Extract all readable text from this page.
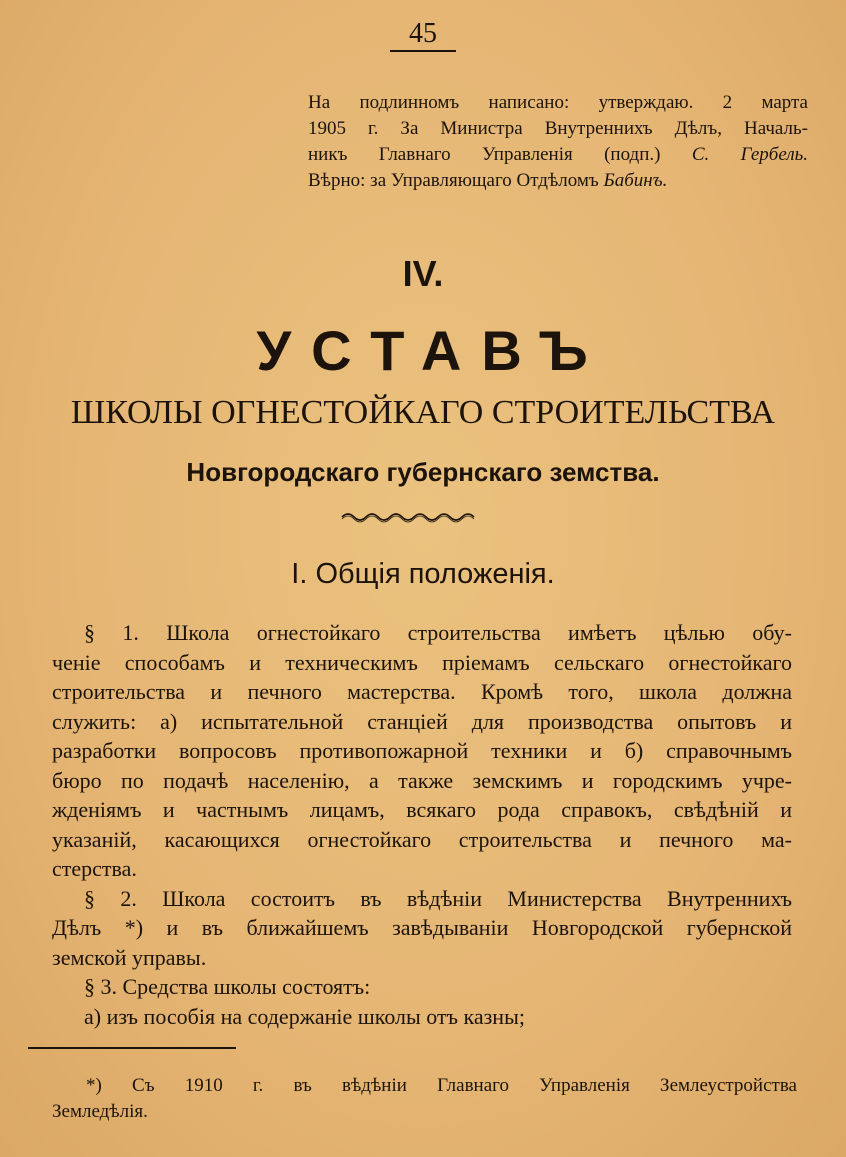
45
На подлинномъ написано: утверждаю. 2 марта
1905 г. За Министра Внутреннихъ Дѣлъ, Началь-
никъ Главнаго Управленія (подп.) С. Гербель.
Вѣрно: за Управляющаго Отдѣломъ Бабинъ.
IV.
УСТАВЪ
ШКОЛЫ ОГНЕСТОЙКАГО СТРОИТЕЛЬСТВА
Новгородскаго губернскаго земства.
I. Общія положенія.
§ 1. Школа огнестойкаго строительства имѣетъ цѣлью обу-
ченіе способамъ и техническимъ пріемамъ сельскаго огнестойкаго
строительства и печного мастерства. Кромѣ того, школа должна
служить: а) испытательной станціей для производства опытовъ и
разработки вопросовъ противопожарной техники и б) справочнымъ
бюро по подачѣ населенію, а также земскимъ и городскимъ учре-
жденіямъ и частнымъ лицамъ, всякаго рода справокъ, свѣдѣній и
указаній, касающихся огнестойкаго строительства и печного ма-
стерства.
§ 2. Школа состоитъ въ вѣдѣніи Министерства Внутреннихъ
Дѣлъ *) и въ ближайшемъ завѣдываніи Новгородской губернской
земской управы.
§ 3. Средства школы состоятъ:
а) изъ пособія на содержаніе школы отъ казны;
*) Съ 1910 г. въ вѣдѣніи Главнаго Управленія Землеустройства
Земледѣлія.
